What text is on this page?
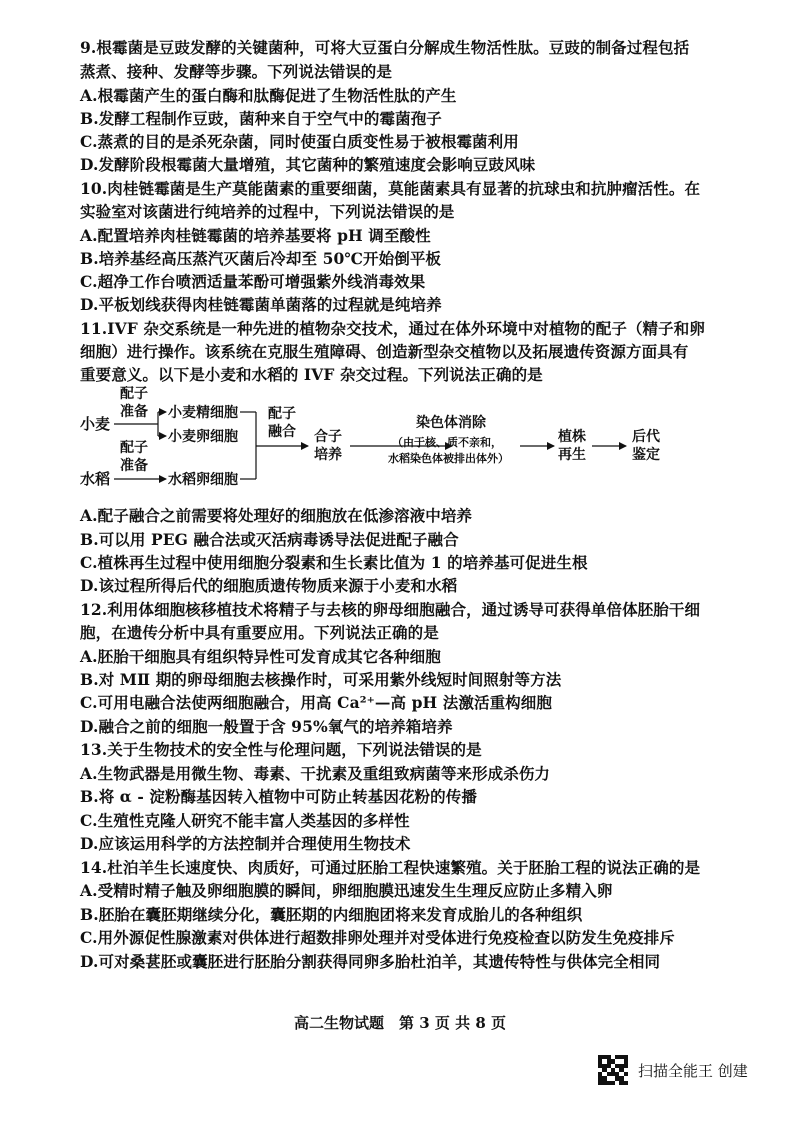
9.根霉菌是豆豉发酵的关键菌种，可将大豆蛋白分解成生物活性肽。豆豉的制备过程包括
蒸煮、接种、发酵等步骤。下列说法错误的是
A.根霉菌产生的蛋白酶和肽酶促进了生物活性肽的产生
B.发酵工程制作豆豉，菌种来自于空气中的霉菌孢子
C.蒸煮的目的是杀死杂菌，同时使蛋白质变性易于被根霉菌利用
D.发酵阶段根霉菌大量增殖，其它菌种的繁殖速度会影响豆豉风味
10.肉桂链霉菌是生产莫能菌素的重要细菌，莫能菌素具有显著的抗球虫和抗肿瘤活性。在
实验室对该菌进行纯培养的过程中，下列说法错误的是
A.配置培养肉桂链霉菌的培养基要将 pH 调至酸性
B.培养基经高压蒸汽灭菌后冷却至 50℃开始倒平板
C.超净工作台喷洒适量苯酚可增强紫外线消毒效果
D.平板划线获得肉桂链霉菌单菌落的过程就是纯培养
11.IVF 杂交系统是一种先进的植物杂交技术，通过在体外环境中对植物的配子（精子和卵
细胞）进行操作。该系统在克服生殖障碍、创造新型杂交植物以及拓展遗传资源方面具有
重要意义。以下是小麦和水稻的 IVF 杂交过程。下列说法正确的是
小麦
水稻
配子
准备
配子
准备
小麦精细胞
小麦卵细胞
水稻卵细胞
配子
融合 合子
培养
染色体消除
（由于核、质不亲和，
水稻染色体被排出体外）
植株
再生
后代
鉴定
A.配子融合之前需要将处理好的细胞放在低渗溶液中培养
B.可以用 PEG 融合法或灭活病毒诱导法促进配子融合
C.植株再生过程中使用细胞分裂素和生长素比值为 1 的培养基可促进生根
D.该过程所得后代的细胞质遗传物质来源于小麦和水稻
12.利用体细胞核移植技术将精子与去核的卵母细胞融合，通过诱导可获得单倍体胚胎干细
胞，在遗传分析中具有重要应用。下列说法正确的是
A.胚胎干细胞具有组织特异性可发育成其它各种细胞
B.对 MⅡ 期的卵母细胞去核操作时，可采用紫外线短时间照射等方法
C.可用电融合法使两细胞融合，用高 Ca²⁺—高 pH 法激活重构细胞
D.融合之前的细胞一般置于含 95%氧气的培养箱培养
13.关于生物技术的安全性与伦理问题，下列说法错误的是
A.生物武器是用微生物、毒素、干扰素及重组致病菌等来形成杀伤力
B.将 α - 淀粉酶基因转入植物中可防止转基因花粉的传播
C.生殖性克隆人研究不能丰富人类基因的多样性
D.应该运用科学的方法控制并合理使用生物技术
14.杜泊羊生长速度快、肉质好，可通过胚胎工程快速繁殖。关于胚胎工程的说法正确的是
A.受精时精子触及卵细胞膜的瞬间，卵细胞膜迅速发生生理反应防止多精入卵
B.胚胎在囊胚期继续分化，囊胚期的内细胞团将来发育成胎儿的各种组织
C.用外源促性腺激素对供体进行超数排卵处理并对受体进行免疫检查以防发生免疫排斥
D.可对桑葚胚或囊胚进行胚胎分割获得同卵多胎杜泊羊，其遗传特性与供体完全相同
高二生物试题　第 3 页 共 8 页
扫描全能王 创建
